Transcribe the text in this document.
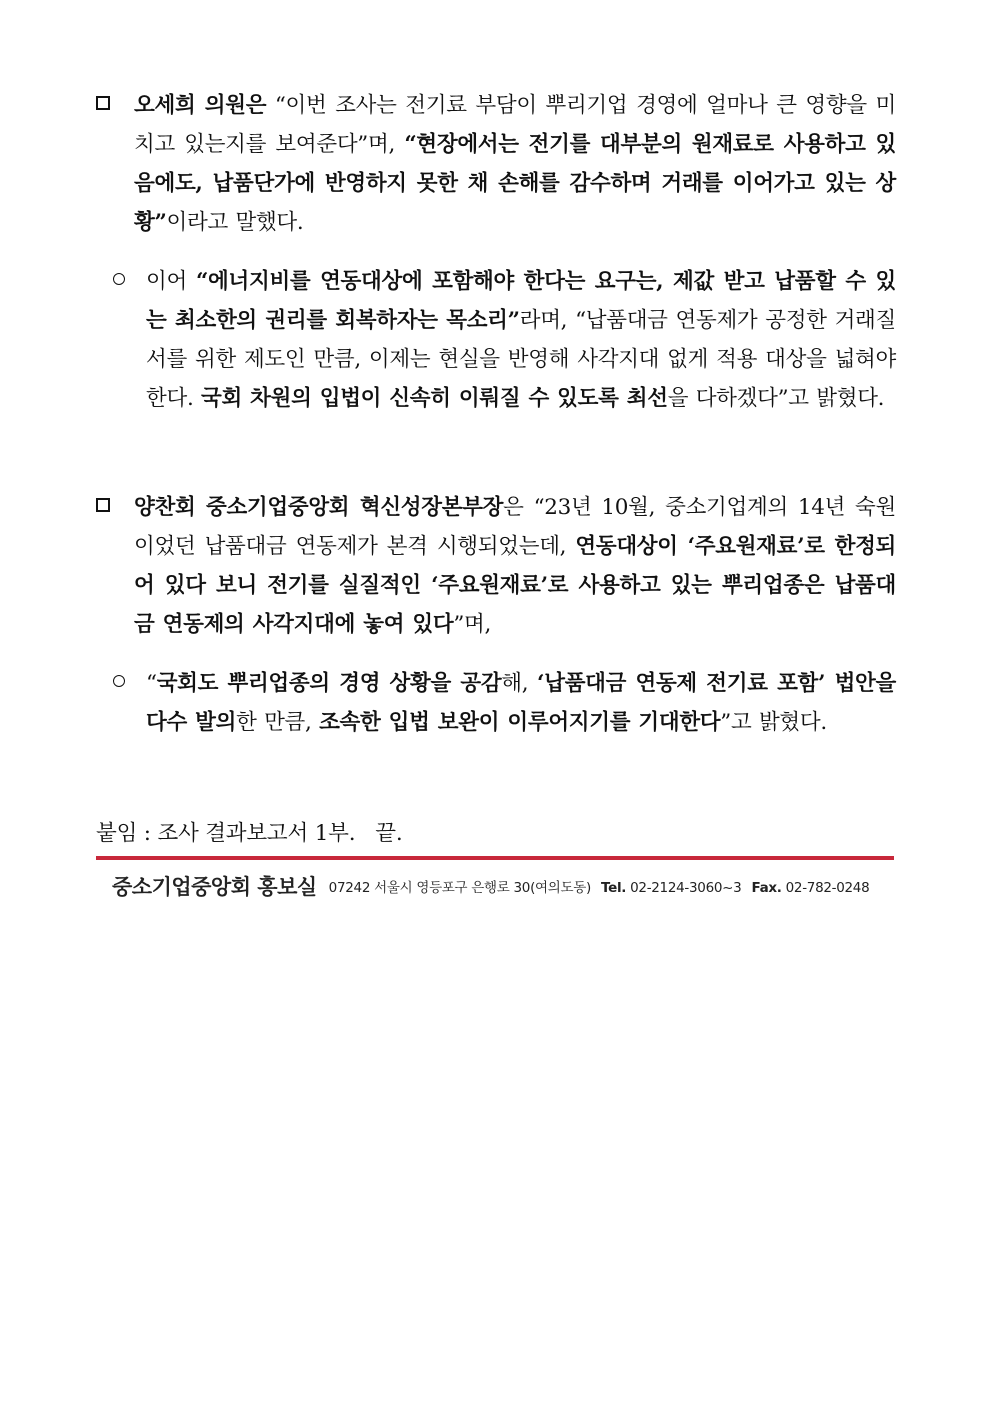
오세희 의원은 “이번 조사는 전기료 부담이 뿌리기업 경영에 얼마나 큰 영향을 미치고 있는지를 보여준다”며, “현장에서는 전기를 대부분의 원재료로 사용하고 있음에도, 납품단가에 반영하지 못한 채 손해를 감수하며 거래를 이어가고 있는 상황”이라고 말했다.
이어 “에너지비를 연동대상에 포함해야 한다는 요구는, 제값 받고 납품할 수 있는 최소한의 권리를 회복하자는 목소리”라며, “납품대금 연동제가 공정한 거래질서를 위한 제도인 만큼, 이제는 현실을 반영해 사각지대 없게 적용 대상을 넓혀야 한다. 국회 차원의 입법이 신속히 이뤄질 수 있도록 최선을 다하겠다”고 밝혔다.
양찬회 중소기업중앙회 혁신성장본부장은 “23년 10월, 중소기업계의 14년 숙원이었던 납품대금 연동제가 본격 시행되었는데, 연동대상이 ‘주요원재료’로 한정되어 있다 보니 전기를 실질적인 ‘주요원재료’로 사용하고 있는 뿌리업종은 납품대금 연동제의 사각지대에 놓여 있다”며,
“국회도 뿌리업종의 경영 상황을 공감해, ‘납품대금 연동제 전기료 포함’ 법안을 다수 발의한 만큼, 조속한 입법 보완이 이루어지기를 기대한다”고 밝혔다.
붙임 : 조사 결과보고서 1부.   끝.
중소기업중앙회 홍보실 07242 서울시 영등포구 은행로 30(여의도동) Tel. 02-2124-3060~3 Fax. 02-782-0248
